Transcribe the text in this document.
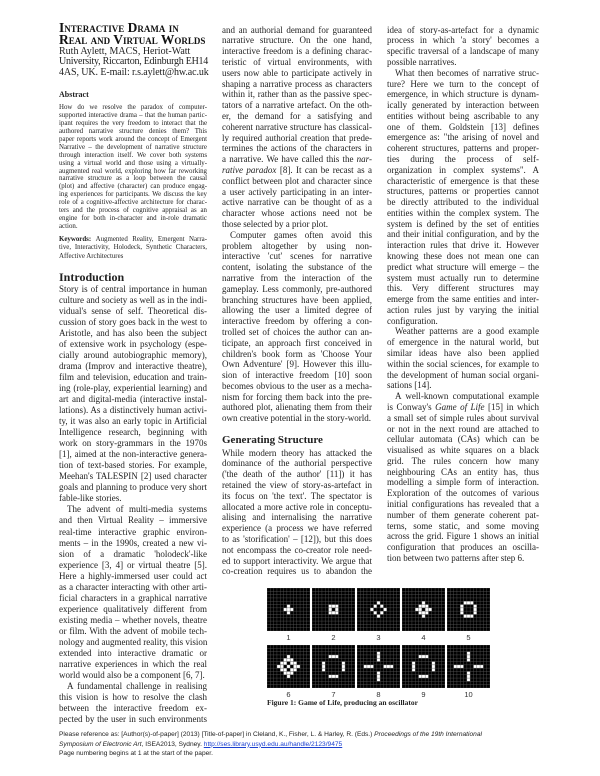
Interactive Drama in
Real and Virtual Worlds
Ruth Aylett, MACS, Heriot-Watt
University, Riccarton, Edinburgh EH14
4AS, UK. E-mail: r.s.aylett@hw.ac.uk
Abstract
How do we resolve the paradox of computer-
supported interactive drama – that the human partic-
ipant requires the very freedom to interact that the
authored narrative structure denies them? This
paper reports work around the concept of Emergent
Narrative – the development of narrative structure
through interaction itself. We cover both systems
using a virtual world and those using a virtually-
augmented real world, exploring how far reworking
narrative structure as a loop between the causal
(plot) and affective (character) can produce engag-
ing experiences for participants. We discuss the key
role of a cognitive-affective architecture for charac-
ters and the process of cognitive appraisal as an
engine for both in-character and in-role dramatic
action.
Keywords: Augmented Reality, Emergent Narra-
tive, Interactivity, Holodeck, Synthetic Characters,
Affective Architectures
Introduction
Story is of central importance in human
culture and society as well as in the indi-
vidual's sense of self. Theoretical dis-
cussion of story goes back in the west to
Aristotle, and has also been the subject
of extensive work in psychology (espe-
cially around autobiographic memory),
drama (Improv and interactive theatre),
film and television, education and train-
ing (role-play, experiential learning) and
art and digital-media (interactive instal-
lations). As a distinctively human activi-
ty, it was also an early topic in Artificial
Intelligence research, beginning with
work on story-grammars in the 1970s
[1], aimed at the non-interactive genera-
tion of text-based stories. For example,
Meehan's TALESPIN [2] used character
goals and planning to produce very short
fable-like stories.
The advent of multi-media systems
and then Virtual Reality – immersive
real-time interactive graphic environ-
ments – in the 1990s, created a new vi-
sion of a dramatic 'holodeck'-like
experience [3, 4] or virtual theatre [5].
Here a highly-immersed user could act
as a character interacting with other arti-
ficial characters in a graphical narrative
experience qualitatively different from
existing media – whether novels, theatre
or film. With the advent of mobile tech-
nology and augmented reality, this vision
extended into interactive dramatic or
narrative experiences in which the real
world would also be a component [6, 7].
A fundamental challenge in realising
this vision is how to resolve the clash
between the interactive freedom ex-
pected by the user in such environments
and an authorial demand for guaranteed
narrative structure. On the one hand,
interactive freedom is a defining charac-
teristic of virtual environments, with
users now able to participate actively in
shaping a narrative process as characters
within it, rather than as the passive spec-
tators of a narrative artefact. On the oth-
er, the demand for a satisfying and
coherent narrative structure has classical-
ly required authorial creation that prede-
termines the actions of the characters in
a narrative. We have called this the nar-
rative paradox [8]. It can be recast as a
conflict between plot and character since
a user actively participating in an inter-
active narrative can be thought of as a
character whose actions need not be
those selected by a prior plot.
Computer games often avoid this
problem altogether by using non-
interactive 'cut' scenes for narrative
content, isolating the substance of the
narrative from the interaction of the
gameplay. Less commonly, pre-authored
branching structures have been applied,
allowing the user a limited degree of
interactive freedom by offering a con-
trolled set of choices the author can an-
ticipate, an approach first conceived in
children's book form as 'Choose Your
Own Adventure' [9]. However this illu-
sion of interactive freedom [10] soon
becomes obvious to the user as a mecha-
nism for forcing them back into the pre-
authored plot, alienating them from their
own creative potential in the story-world.
Generating Structure
While modern theory has attacked the
dominance of the authorial perspective
('the death of the author' [11]) it has
retained the view of story-as-artefact in
its focus on 'the text'. The spectator is
allocated a more active role in conceptu-
alising and internalising the narrative
experience (a process we have referred
to as 'storification' – [12]), but this does
not encompass the co-creator role need-
ed to support interactivity. We argue that
co-creation requires us to abandon the
idea of story-as-artefact for a dynamic
process in which 'a story' becomes a
specific traversal of a landscape of many
possible narratives.
What then becomes of narrative struc-
ture? Here we turn to the concept of
emergence, in which structure is dynam-
ically generated by interaction between
entities without being ascribable to any
one of them. Goldstein [13] defines
emergence as: "the arising of novel and
coherent structures, patterns and proper-
ties during the process of self-
organization in complex systems". A
characteristic of emergence is that these
structures, patterns or properties cannot
be directly attributed to the individual
entities within the complex system. The
system is defined by the set of entities
and their initial configuration, and by the
interaction rules that drive it. However
knowing these does not mean one can
predict what structure will emerge – the
system must actually run to determine
this. Very different structures may
emerge from the same entities and inter-
action rules just by varying the initial
configuration.
Weather patterns are a good example
of emergence in the natural world, but
similar ideas have also been applied
within the social sciences, for example to
the development of human social organi-
sations [14].
A well-known computational example
is Conway's Game of Life [15] in which
a small set of simple rules about survival
or not in the next round are attached to
cellular automata (CAs) which can be
visualised as white squares on a black
grid. The rules concern how many
neighbouring CAs an entity has, thus
modelling a simple form of interaction.
Exploration of the outcomes of various
initial configurations has revealed that a
number of them generate coherent pat-
terns, some static, and some moving
across the grid. Figure 1 shows an initial
configuration that produces an oscilla-
tion between two patterns after step 6.
Figure 1: Game of Life, producing an oscillator
1	2	3	4	5
6	7	8	9	10
Please reference as: [Author(s)-of-paper] (2013) [Title-of-paper] in Cleland, K., Fisher, L. & Harley, R. (Eds.) Proceedings of the 19th International
Symposium of Electronic Art, ISEA2013, Sydney. http://ses.library.usyd.edu.au/handle/2123/9475
Page numbering begins at 1 at the start of the paper.
